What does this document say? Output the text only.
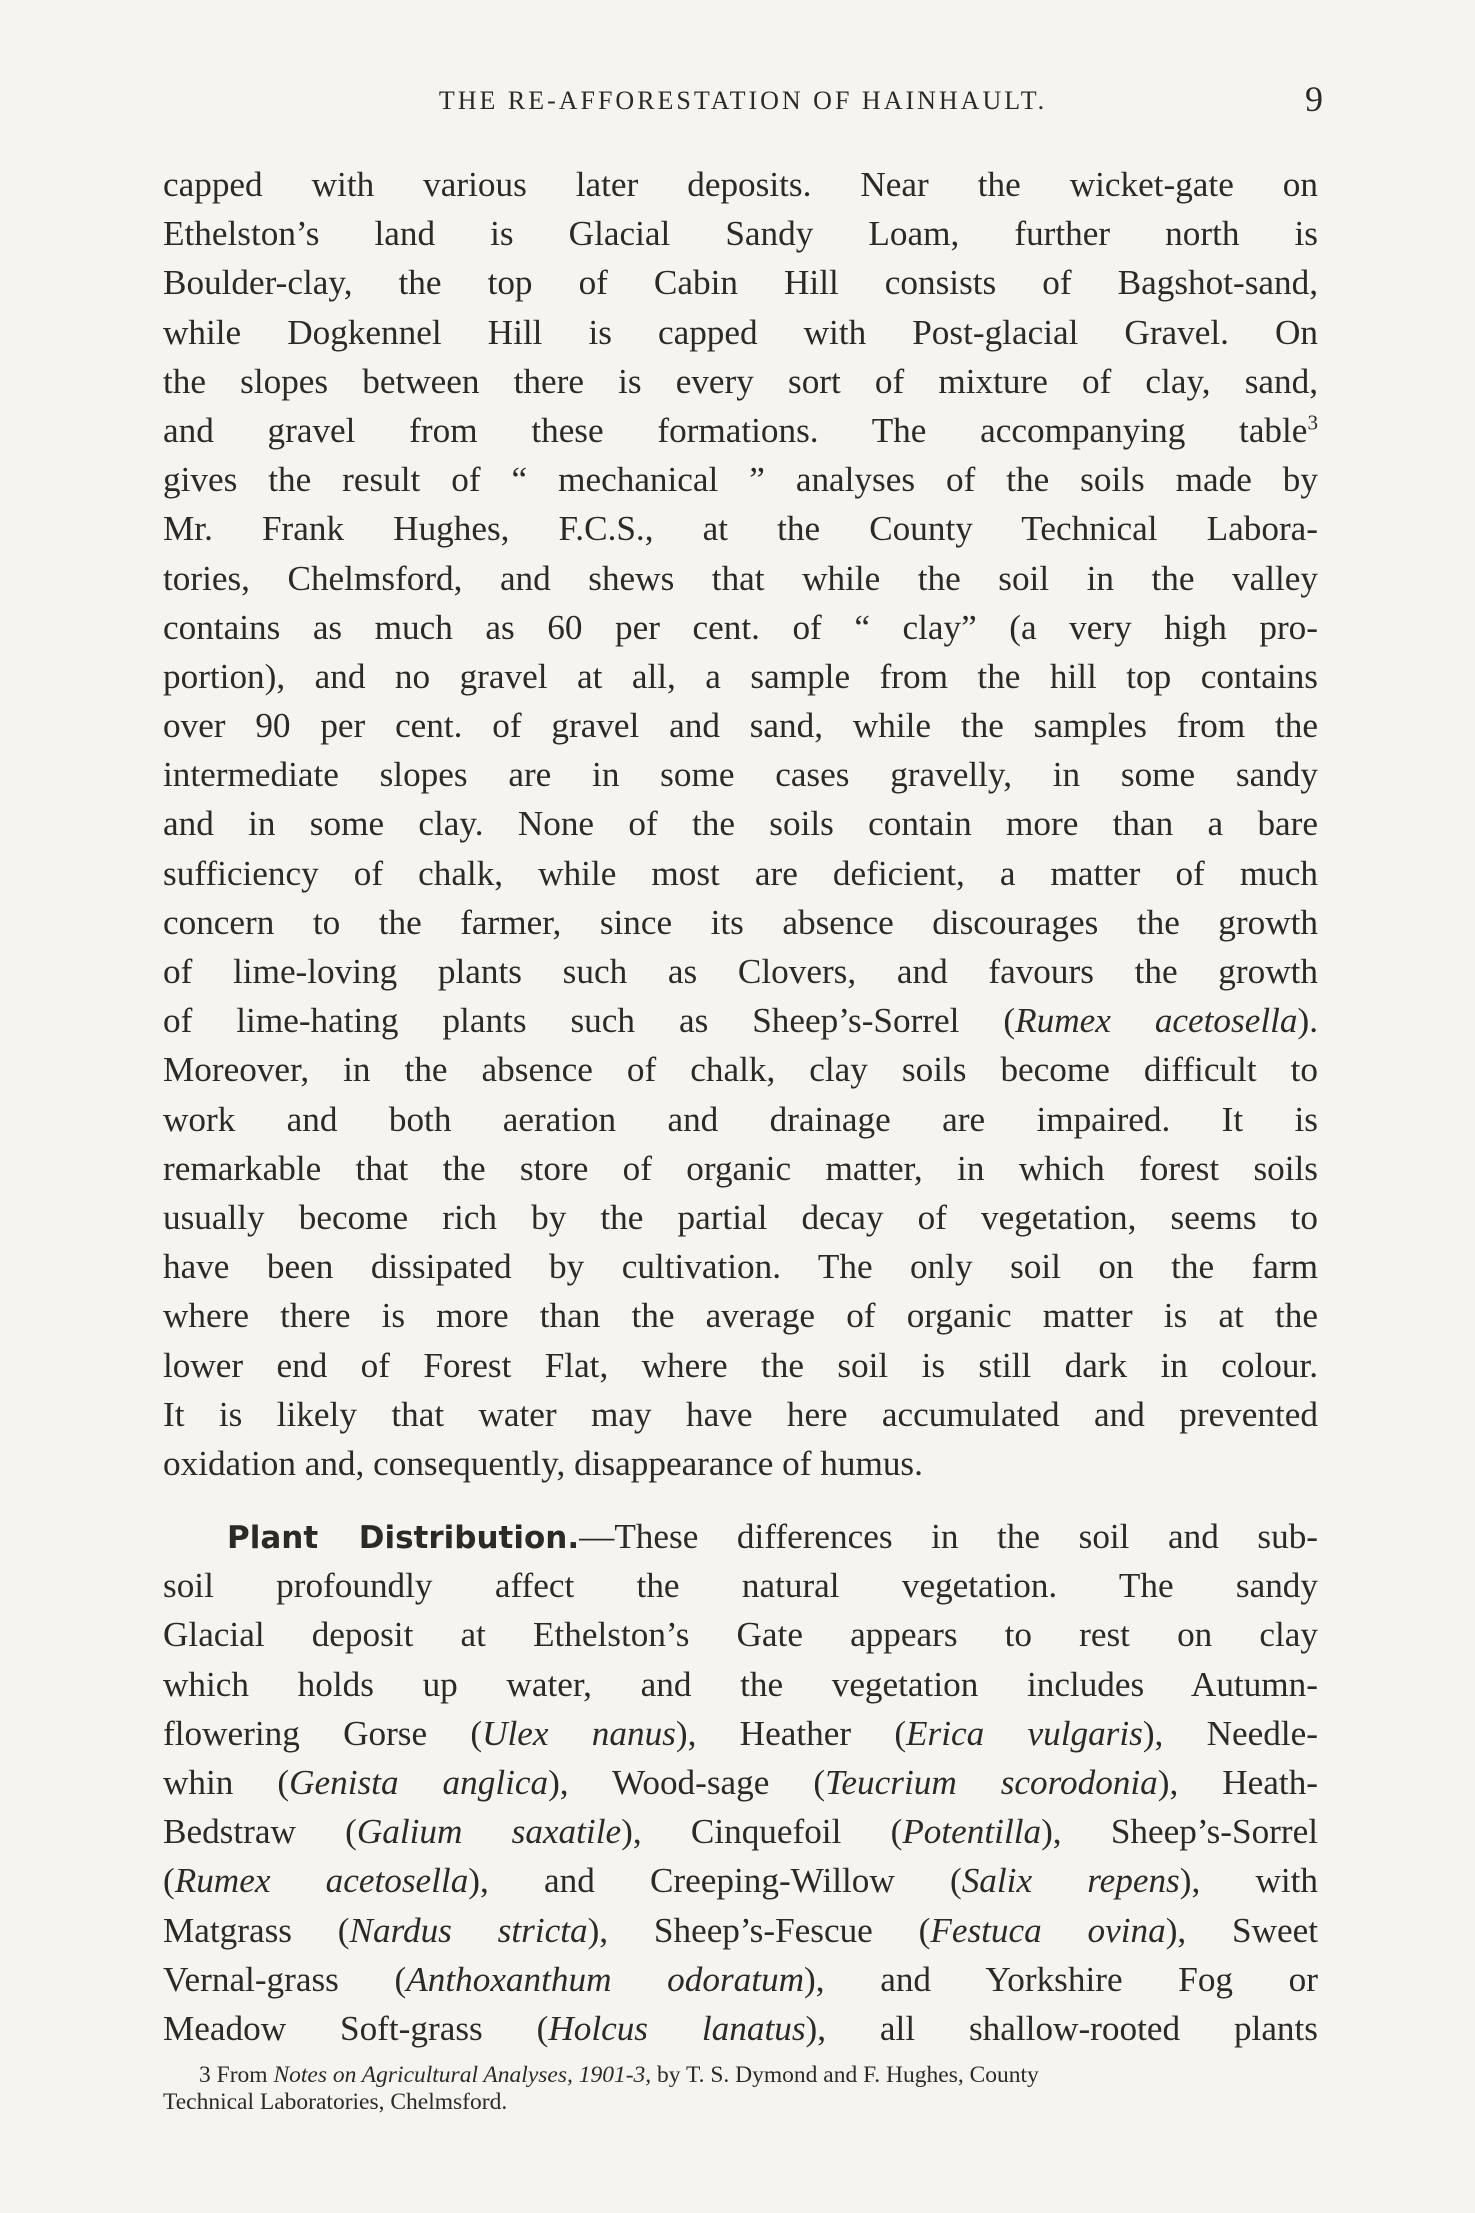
THE RE-AFFORESTATION OF HAINHAULT.	9
capped with various later deposits. Near the wicket-gate on
Ethelston’s land is Glacial Sandy Loam, further north is
Boulder-clay, the top of Cabin Hill consists of Bagshot-sand,
while Dogkennel Hill is capped with Post-glacial Gravel. On
the slopes between there is every sort of mixture of clay, sand,
and gravel from these formations. The accompanying table$^3$
gives the result of “ mechanical ” analyses of the soils made by
Mr. Frank Hughes, F.C.S., at the County Technical Labora-
tories, Chelmsford, and shews that while the soil in the valley
contains as much as 60 per cent. of “ clay” (a very high pro-
portion), and no gravel at all, a sample from the hill top contains
over 90 per cent. of gravel and sand, while the samples from the
intermediate slopes are in some cases gravelly, in some sandy
and in some clay. None of the soils contain more than a bare
sufficiency of chalk, while most are deficient, a matter of much
concern to the farmer, since its absence discourages the growth
of lime-loving plants such as Clovers, and favours the growth
of lime-hating plants such as Sheep’s-Sorrel (Rumex acetosella).
Moreover, in the absence of chalk, clay soils become difficult to
work and both aeration and drainage are impaired. It is
remarkable that the store of organic matter, in which forest soils
usually become rich by the partial decay of vegetation, seems to
have been dissipated by cultivation. The only soil on the farm
where there is more than the average of organic matter is at the
lower end of Forest Flat, where the soil is still dark in colour.
It is likely that water may have here accumulated and prevented
oxidation and, consequently, disappearance of humus.
Plant Distribution.—These differences in the soil and sub-
soil profoundly affect the natural vegetation. The sandy
Glacial deposit at Ethelston’s Gate appears to rest on clay
which holds up water, and the vegetation includes Autumn-
flowering Gorse (Ulex nanus), Heather (Erica vulgaris), Needle-
whin (Genista anglica), Wood-sage (Teucrium scorodonia), Heath-
Bedstraw (Galium saxatile), Cinquefoil (Potentilla), Sheep’s-Sorrel
(Rumex acetosella), and Creeping-Willow (Salix repens), with
Matgrass (Nardus stricta), Sheep’s-Fescue (Festuca ovina), Sweet
Vernal-grass (Anthoxanthum odoratum), and Yorkshire Fog or
Meadow Soft-grass (Holcus lanatus), all shallow-rooted plants
3 From Notes on Agricultural Analyses, 1901-3, by T. S. Dymond and F. Hughes, County
Technical Laboratories, Chelmsford.
